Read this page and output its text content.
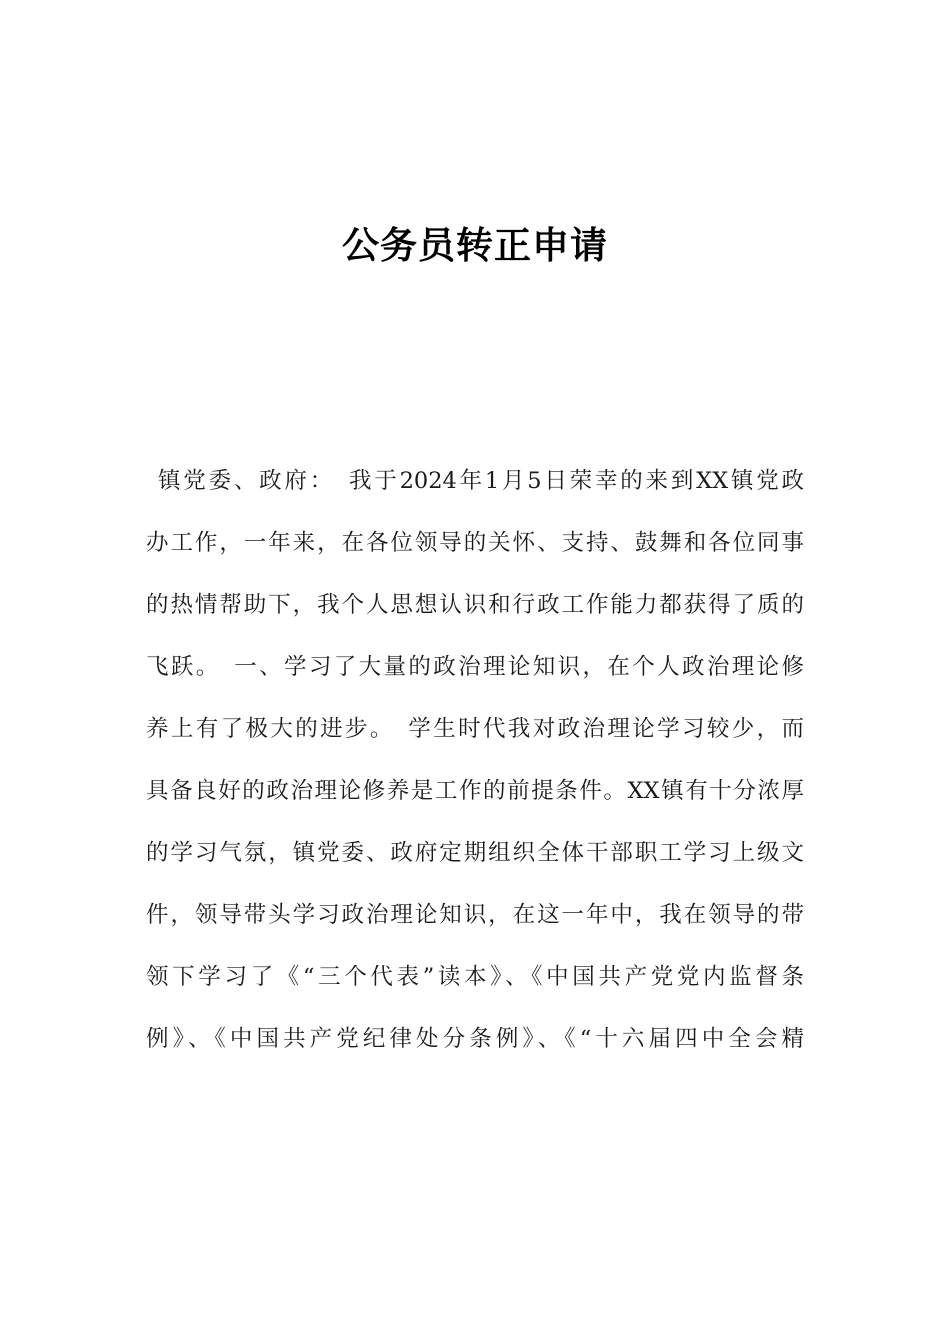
公务员转正申请
镇党委、政府：　我于2024年1月5日荣幸的来到XX镇党政
办工作，一年来，在各位领导的关怀、支持、鼓舞和各位同事
的热情帮助下，我个人思想认识和行政工作能力都获得了质的
飞跃。　一、学习了大量的政治理论知识，在个人政治理论修
养上有了极大的进步。　学生时代我对政治理论学习较少，而
具备良好的政治理论修养是工作的前提条件。XX镇有十分浓厚
的学习气氛，镇党委、政府定期组织全体干部职工学习上级文
件，领导带头学习政治理论知识，在这一年中，我在领导的带
领下学习了《“三个代表”读本》、《中国共产党党内监督条
例》、《中国共产党纪律处分条例》、《“十六届四中全会精
